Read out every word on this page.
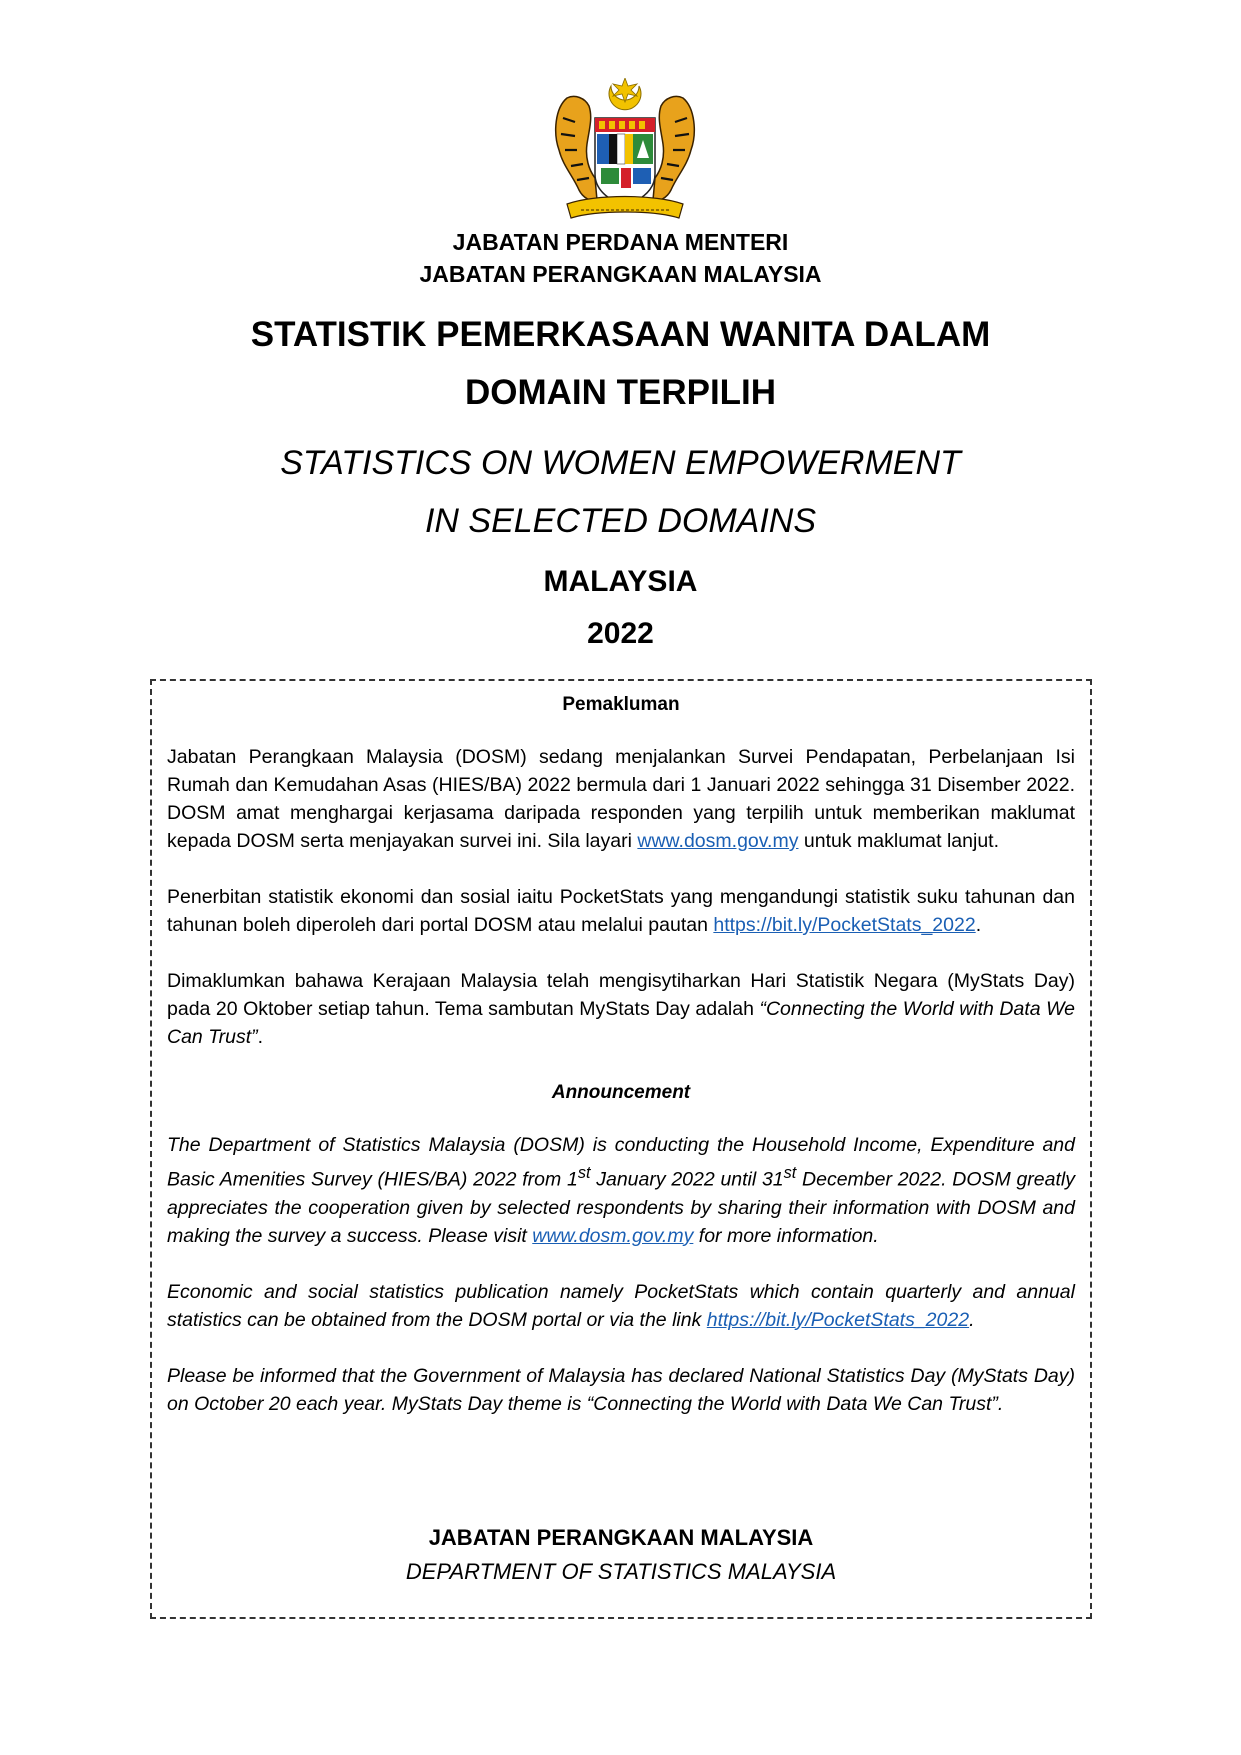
JABATAN PERDANA MENTERI
JABATAN PERANGKAAN MALAYSIA
STATISTIK PEMERKASAAN WANITA DALAM
DOMAIN TERPILIH
STATISTICS ON WOMEN EMPOWERMENT
IN SELECTED DOMAINS
MALAYSIA
2022

Pemakluman

Jabatan Perangkaan Malaysia (DOSM) sedang menjalankan Survei Pendapatan, Perbelanjaan Isi Rumah dan Kemudahan Asas (HIES/BA) 2022 bermula dari 1 Januari 2022 sehingga 31 Disember 2022. DOSM amat menghargai kerjasama daripada responden yang terpilih untuk memberikan maklumat kepada DOSM serta menjayakan survei ini. Sila layari www.dosm.gov.my untuk maklumat lanjut.

Penerbitan statistik ekonomi dan sosial iaitu PocketStats yang mengandungi statistik suku tahunan dan tahunan boleh diperoleh dari portal DOSM atau melalui pautan https://bit.ly/PocketStats_2022.

Dimaklumkan bahawa Kerajaan Malaysia telah mengisytiharkan Hari Statistik Negara (MyStats Day) pada 20 Oktober setiap tahun. Tema sambutan MyStats Day adalah “Connecting the World with Data We Can Trust”.

Announcement

The Department of Statistics Malaysia (DOSM) is conducting the Household Income, Expenditure and Basic Amenities Survey (HIES/BA) 2022 from 1st January 2022 until 31st December 2022. DOSM greatly appreciates the cooperation given by selected respondents by sharing their information with DOSM and making the survey a success. Please visit www.dosm.gov.my for more information.

Economic and social statistics publication namely PocketStats which contain quarterly and annual statistics can be obtained from the DOSM portal or via the link https://bit.ly/PocketStats_2022.

Please be informed that the Government of Malaysia has declared National Statistics Day (MyStats Day) on October 20 each year. MyStats Day theme is “Connecting the World with Data We Can Trust”.

JABATAN PERANGKAAN MALAYSIA
DEPARTMENT OF STATISTICS MALAYSIA
